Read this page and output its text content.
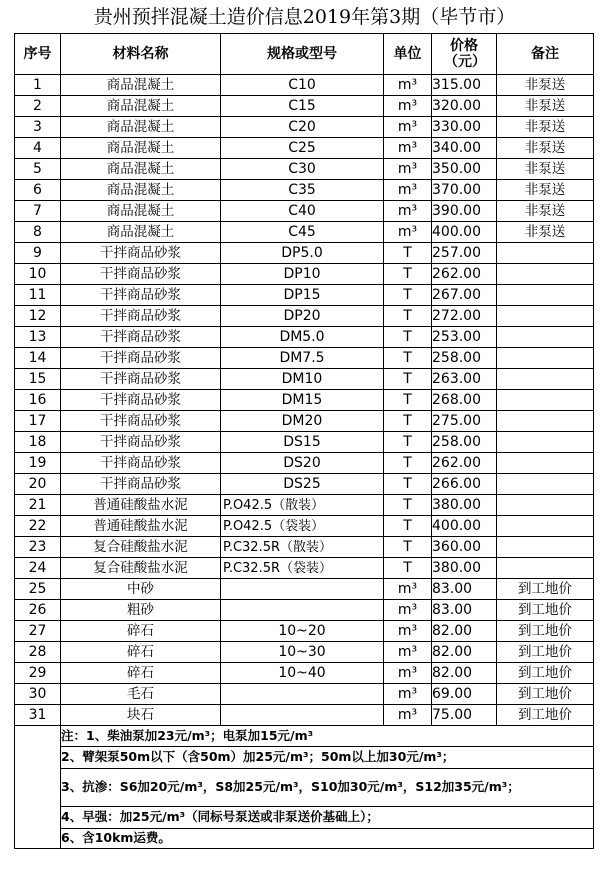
贵州预拌混凝土造价信息2019年第3期（毕节市）
序号	材料名称	规格或型号	单位	价格（元）	备注
1	商品混凝土	C10	m³	315.00	非泵送
2	商品混凝土	C15	m³	320.00	非泵送
3	商品混凝土	C20	m³	330.00	非泵送
4	商品混凝土	C25	m³	340.00	非泵送
5	商品混凝土	C30	m³	350.00	非泵送
6	商品混凝土	C35	m³	370.00	非泵送
7	商品混凝土	C40	m³	390.00	非泵送
8	商品混凝土	C45	m³	400.00	非泵送
9	干拌商品砂浆	DP5.0	T	257.00	
10	干拌商品砂浆	DP10	T	262.00	
11	干拌商品砂浆	DP15	T	267.00	
12	干拌商品砂浆	DP20	T	272.00	
13	干拌商品砂浆	DM5.0	T	253.00	
14	干拌商品砂浆	DM7.5	T	258.00	
15	干拌商品砂浆	DM10	T	263.00	
16	干拌商品砂浆	DM15	T	268.00	
17	干拌商品砂浆	DM20	T	275.00	
18	干拌商品砂浆	DS15	T	258.00	
19	干拌商品砂浆	DS20	T	262.00	
20	干拌商品砂浆	DS25	T	266.00	
21	普通硅酸盐水泥	P.O42.5（散装）	T	380.00	
22	普通硅酸盐水泥	P.O42.5（袋装）	T	400.00	
23	复合硅酸盐水泥	P.C32.5R（散装）	T	360.00	
24	复合硅酸盐水泥	P.C32.5R（袋装）	T	380.00	
25	中砂		m³	83.00	到工地价
26	粗砂		m³	83.00	到工地价
27	碎石	10~20	m³	82.00	到工地价
28	碎石	10~30	m³	82.00	到工地价
29	碎石	10~40	m³	82.00	到工地价
30	毛石		m³	69.00	到工地价
31	块石		m³	75.00	到工地价
	注：1、柴油泵加23元/m³；电泵加15元/m³				
	2、臂架泵50m以下（含50m）加25元/m³；50m以上加30元/m³；				
	3、抗渗：S6加20元/m³，S8加25元/m³，S10加30元/m³，S12加35元/m³；				
	4、早强：加25元/m³（同标号泵送或非泵送价基础上）；				
	6、含10km运费。				
